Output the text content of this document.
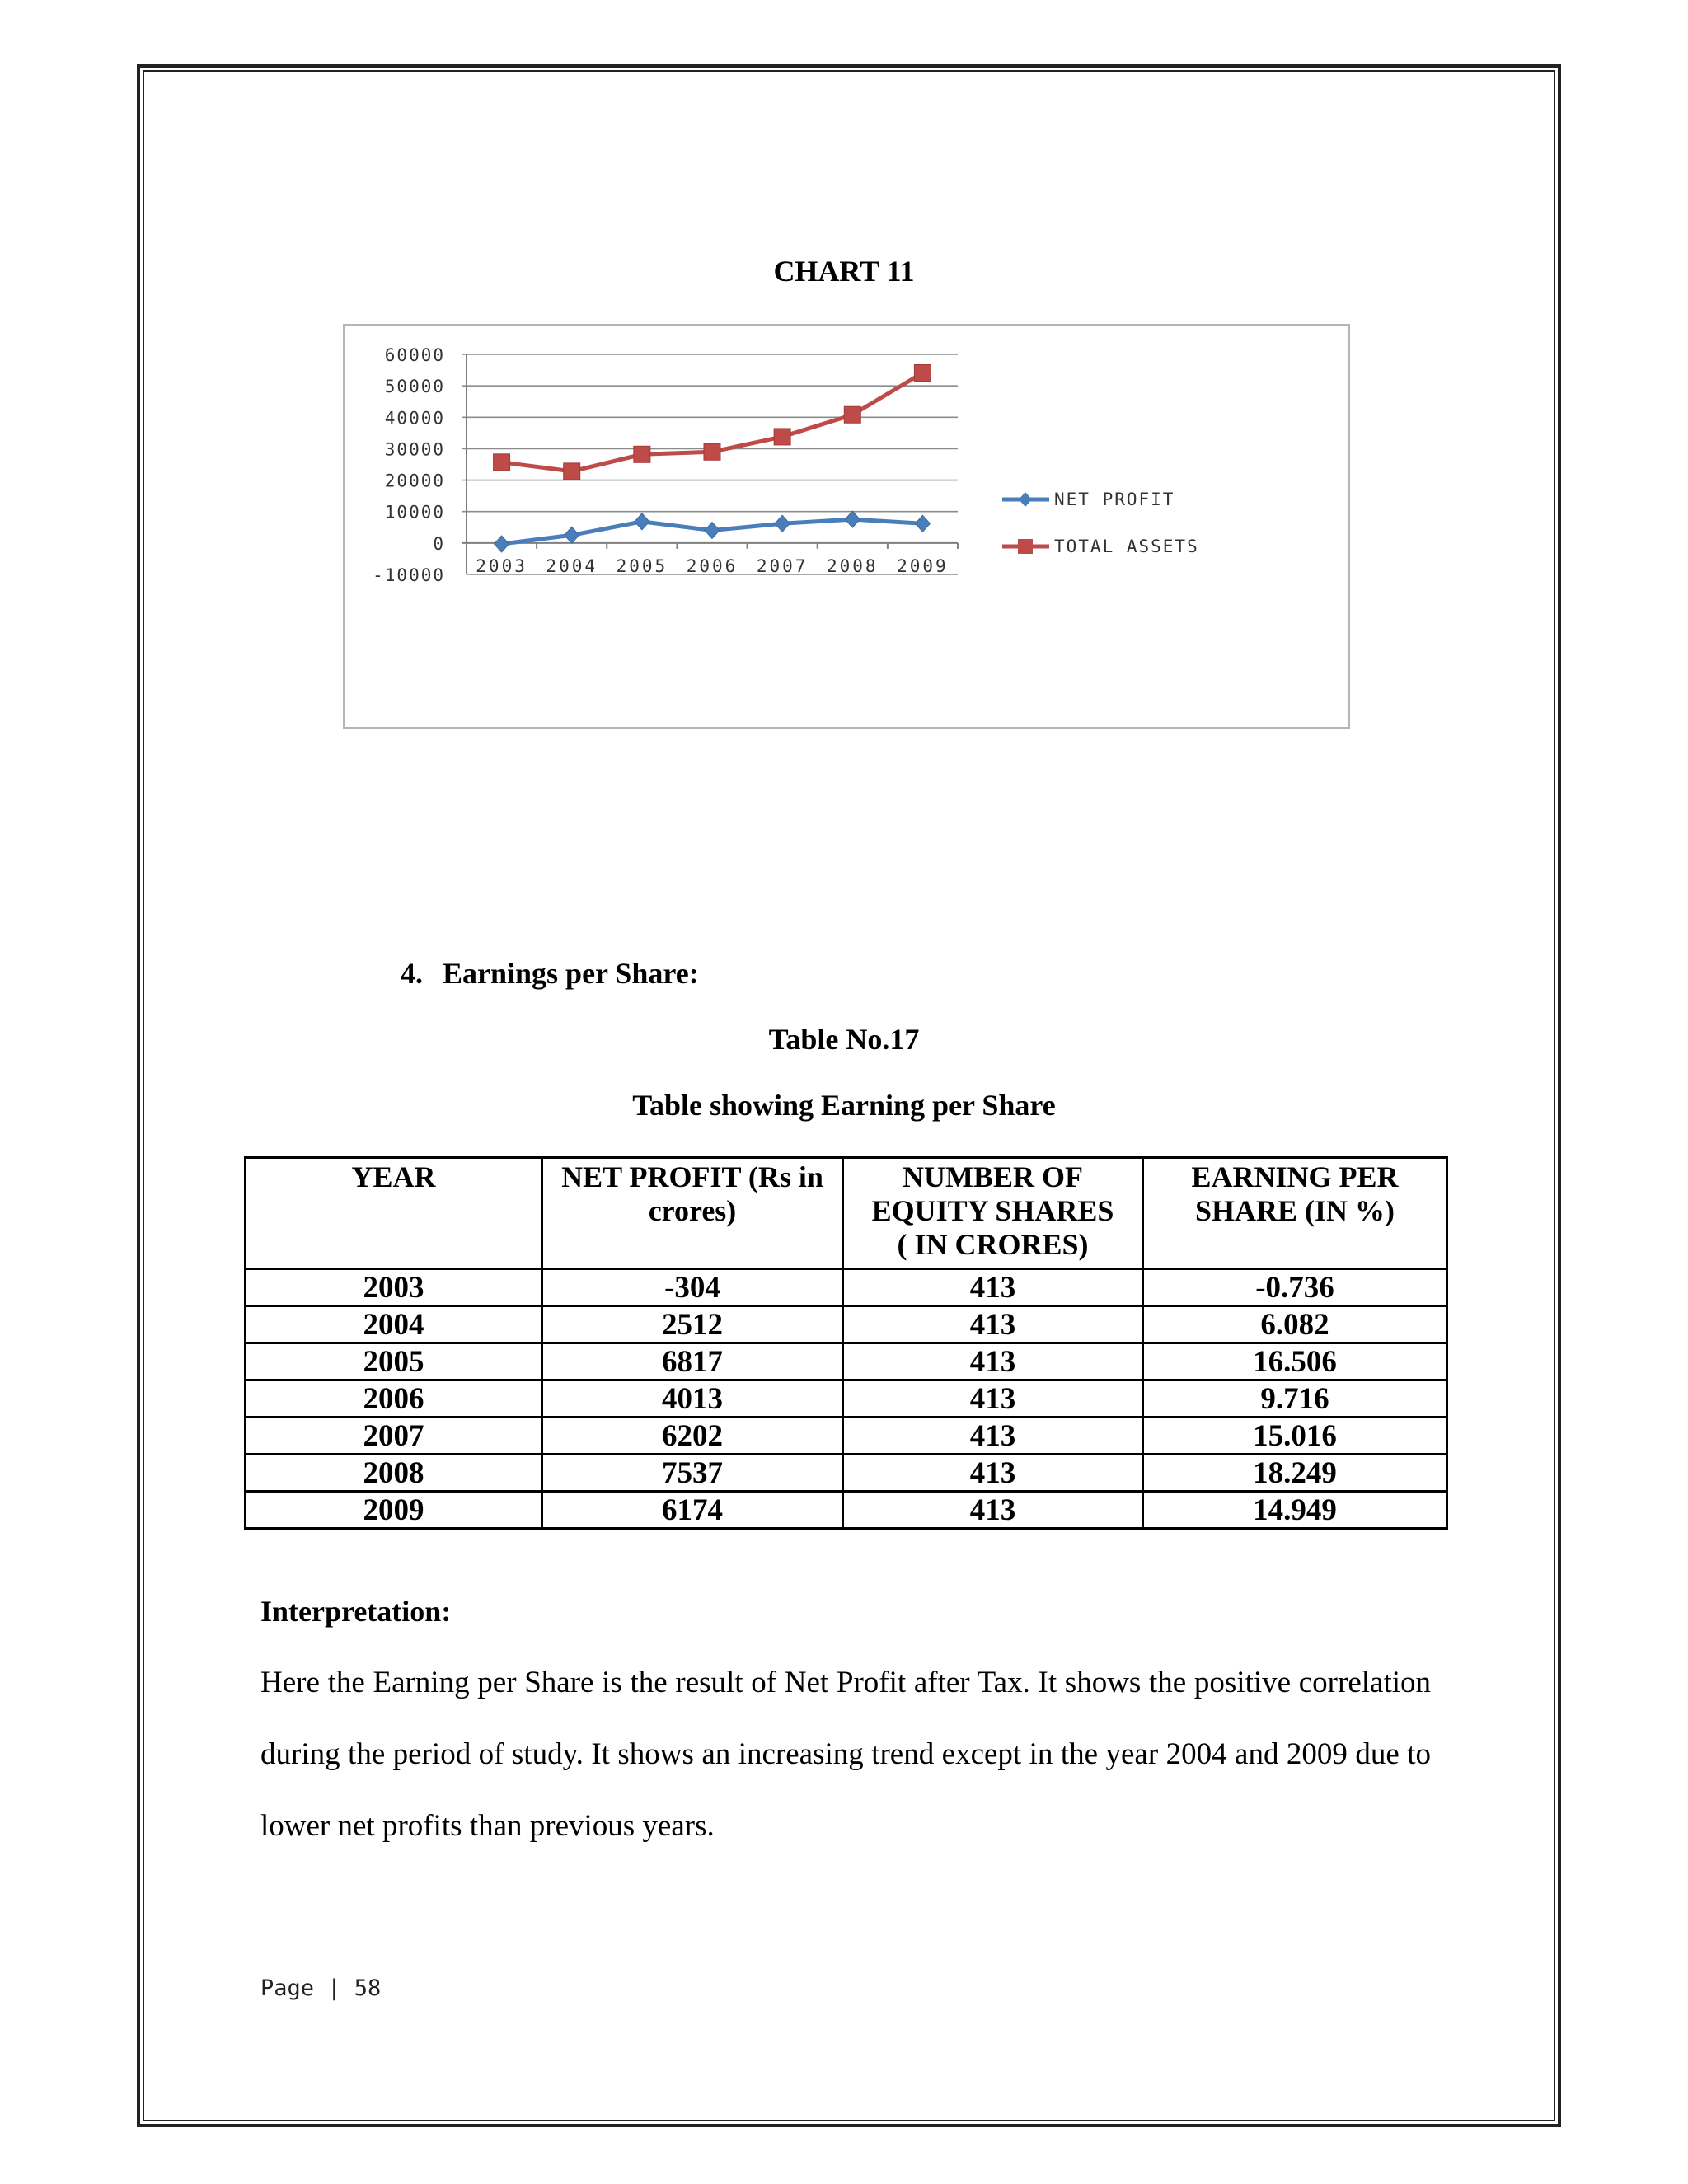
CHART 11
60000
50000
40000
30000
20000
10000
0
-10000 2003 2004 2005 2006 2007 2008 2009
NET PROFIT
TOTAL ASSETS
4. Earnings per Share:
Table No.17
Table showing Earning per Share
YEAR	NET PROFIT (Rs in crores)	NUMBER OF EQUITY SHARES ( IN CRORES)	EARNING PER SHARE (IN %)
2003	-304	413	-0.736
2004	2512	413	6.082
2005	6817	413	16.506
2006	4013	413	9.716
2007	6202	413	15.016
2008	7537	413	18.249
2009	6174	413	14.949
Interpretation:
Here the Earning per Share is the result of Net Profit after Tax. It shows the positive correlation during the period of study. It shows an increasing trend except in the year 2004 and 2009 due to lower net profits than previous years.
Page | 58
